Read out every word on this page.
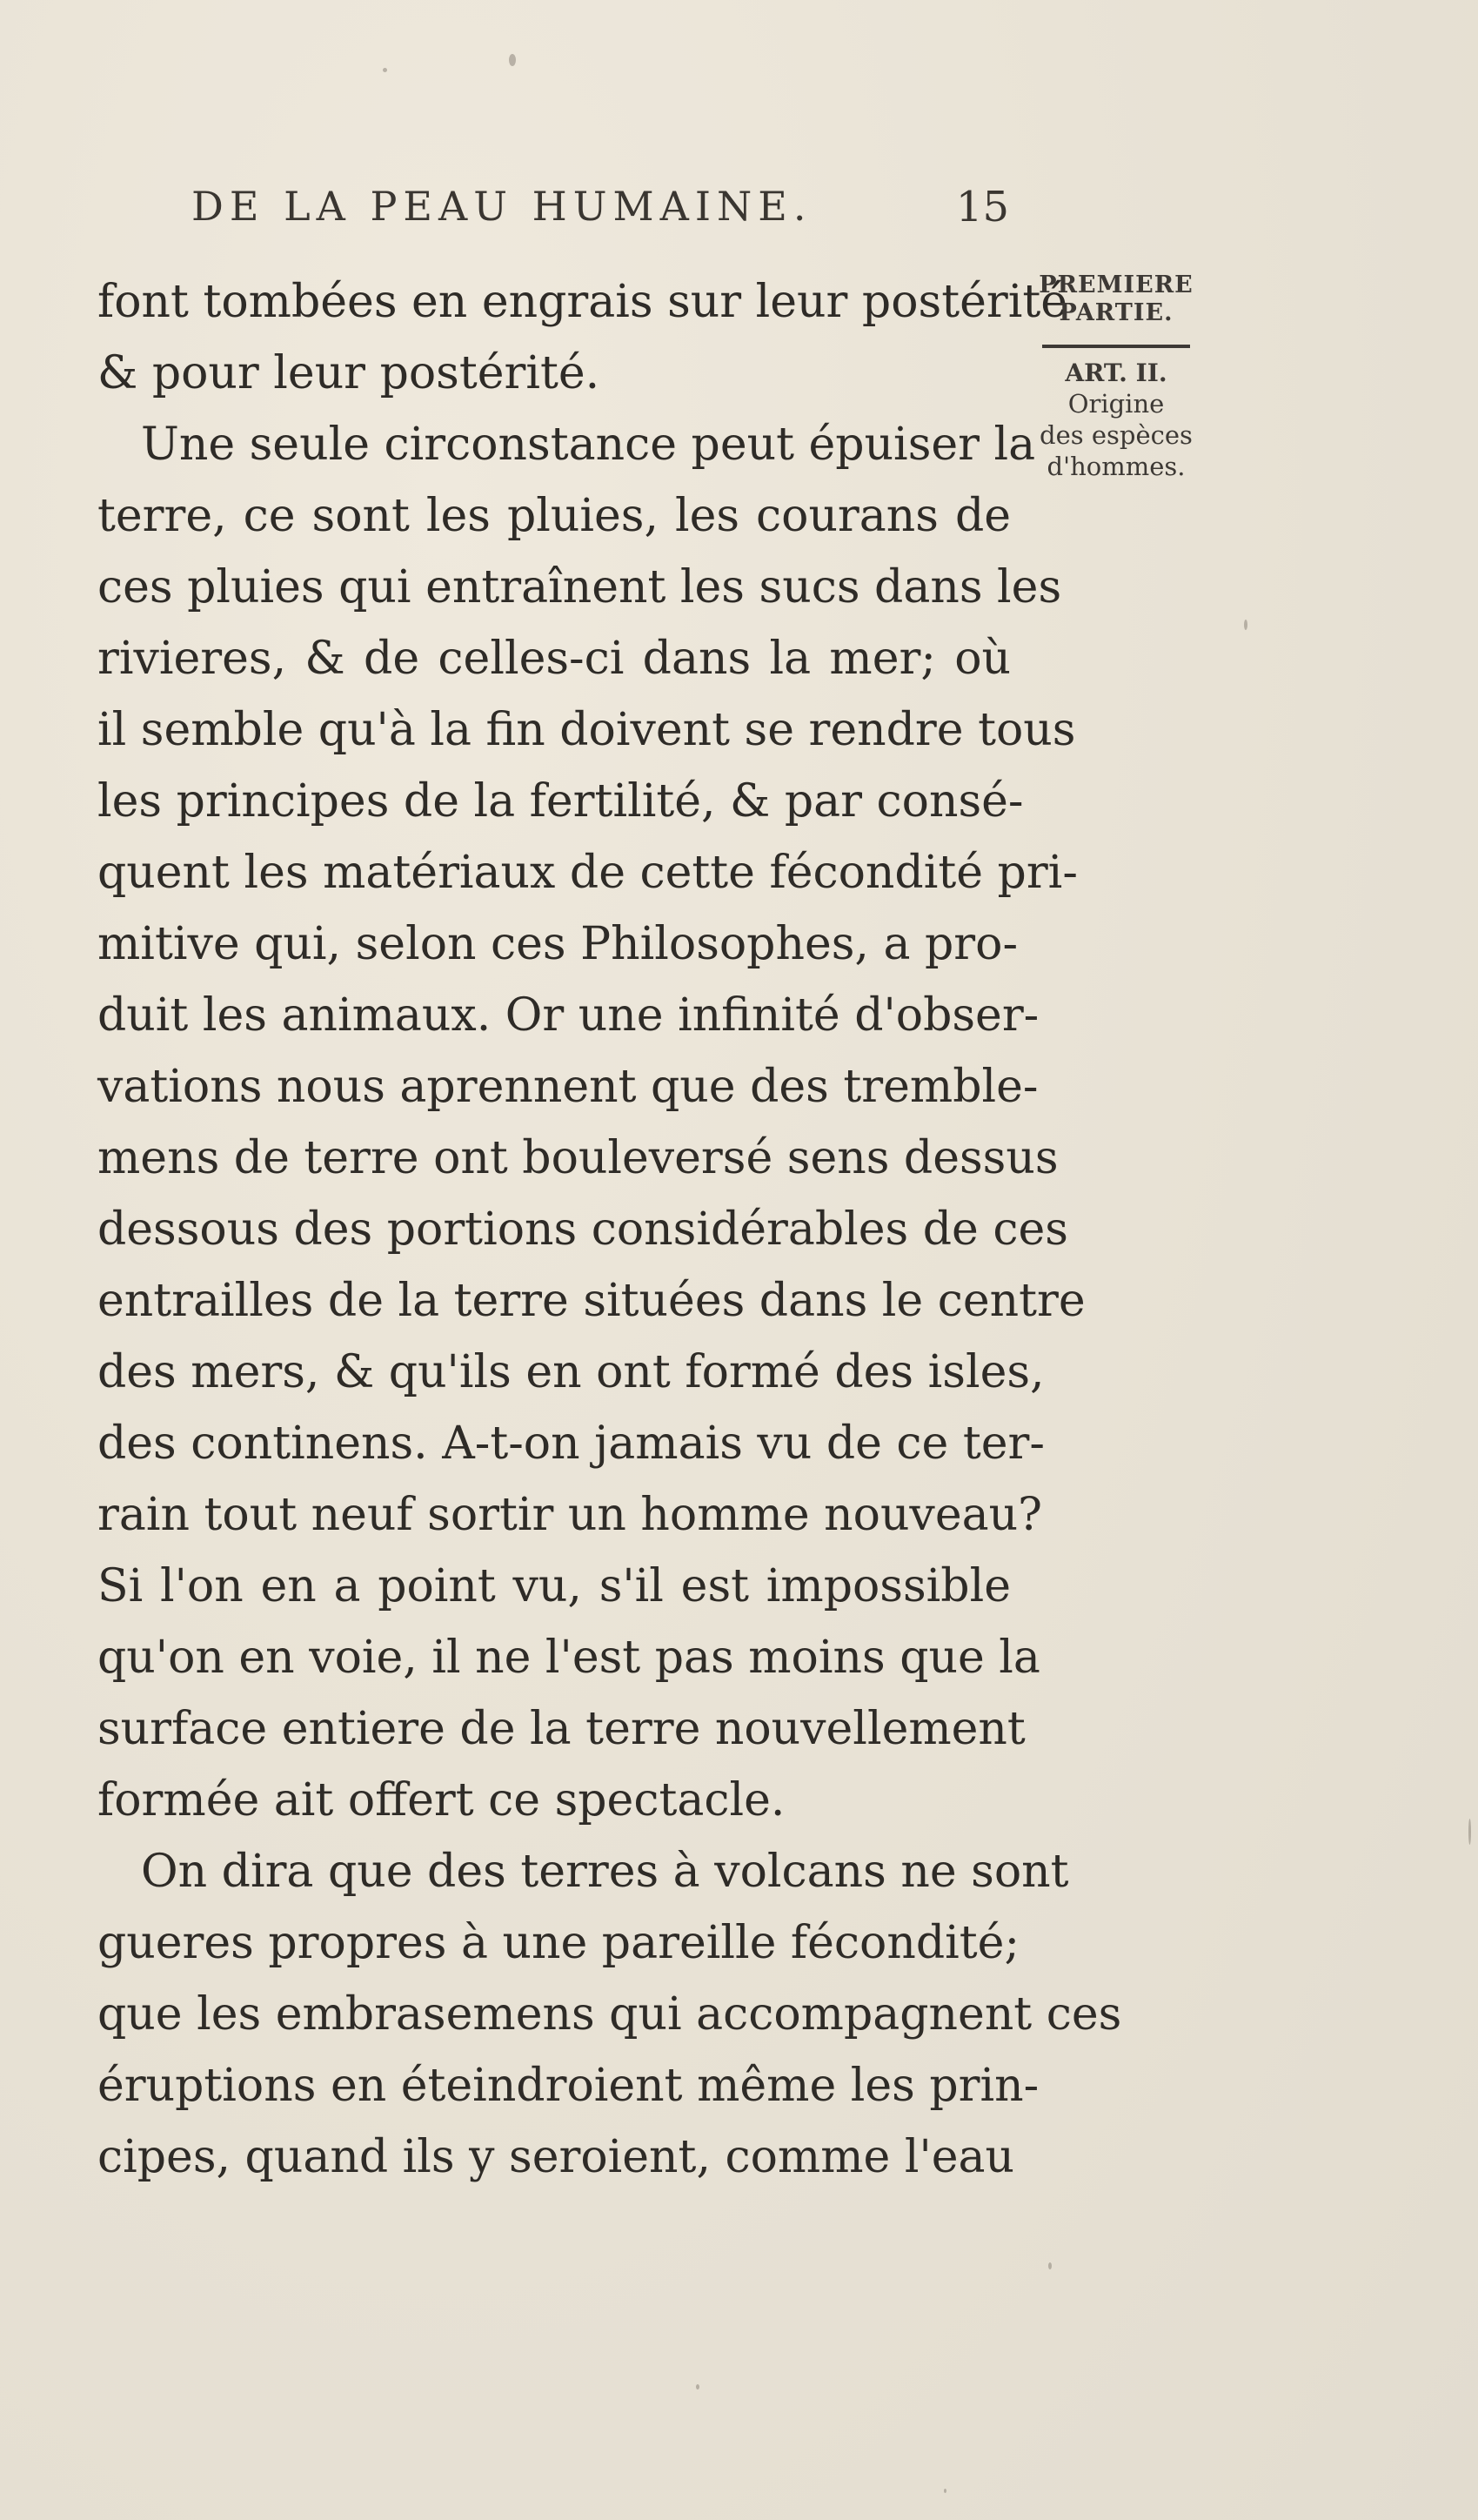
DE LA PEAU HUMAINE.	15
font tombées en engrais sur leur postérité
& pour leur postérité.
Une seule circonstance peut épuiser la
terre, ce sont les pluies, les courans de
ces pluies qui entraînent les sucs dans les
rivieres, & de celles-ci dans la mer; où
il semble qu'à la fin doivent se rendre tous
les principes de la fertilité, & par consé-
quent les matériaux de cette fécondité pri-
mitive qui, selon ces Philosophes, a pro-
duit les animaux. Or une infinité d'obser-
vations nous aprennent que des tremble-
mens de terre ont bouleversé sens dessus
dessous des portions considérables de ces
entrailles de la terre situées dans le centre
des mers, & qu'ils en ont formé des isles,
des continens. A-t-on jamais vu de ce ter-
rain tout neuf sortir un homme nouveau?
Si l'on en a point vu, s'il est impossible
qu'on en voie, il ne l'est pas moins que la
surface entiere de la terre nouvellement
formée ait offert ce spectacle.
On dira que des terres à volcans ne sont
gueres propres à une pareille fécondité;
que les embrasemens qui accompagnent ces
éruptions en éteindroient même les prin-
cipes, quand ils y seroient, comme l'eau
PREMIERE
PARTIE.
ART. II.
Origine
des espèces
d'hommes.
